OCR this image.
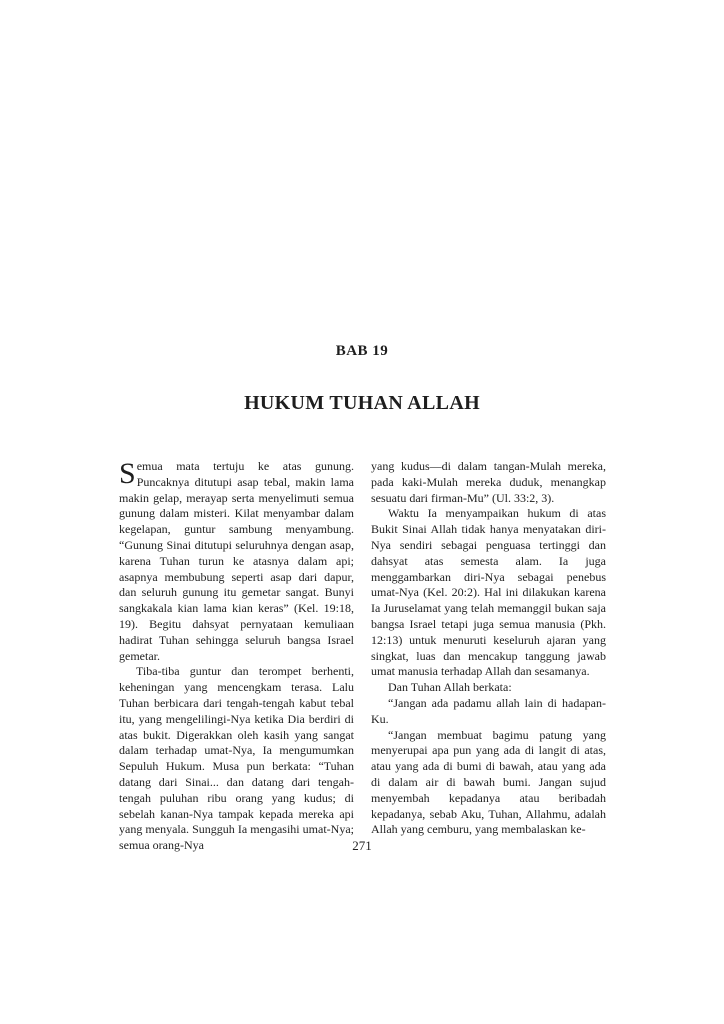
BAB 19
HUKUM TUHAN ALLAH

Semua mata tertuju ke atas gunung. Puncaknya ditutupi asap tebal, makin lama makin gelap, merayap serta menyelimuti semua gunung dalam misteri. Kilat menyambar dalam kegelapan, guntur sambung menyambung. “Gunung Sinai ditutupi seluruhnya dengan asap, karena Tuhan turun ke atasnya dalam api; asapnya membubung seperti asap dari dapur, dan seluruh gunung itu gemetar sangat. Bunyi sangkakala kian lama kian keras” (Kel. 19:18, 19). Begitu dahsyat pernyataan kemuliaan hadirat Tuhan sehingga seluruh bangsa Israel gemetar.

Tiba-tiba guntur dan terompet berhenti, keheningan yang mencengkam terasa. Lalu Tuhan berbicara dari tengah-tengah kabut tebal itu, yang mengelilingi-Nya ketika Dia berdiri di atas bukit. Digerakkan oleh kasih yang sangat dalam terhadap umat-Nya, Ia mengumumkan Sepuluh Hukum. Musa pun berkata: “Tuhan datang dari Sinai... dan datang dari tengah-tengah puluhan ribu orang yang kudus; di sebelah kanan-Nya tampak kepada mereka api yang menyala. Sungguh Ia mengasihi umat-Nya; semua orang-Nya

yang kudus—di dalam tangan-Mulah mereka, pada kaki-Mulah mereka duduk, menangkap sesuatu dari firman-Mu” (Ul. 33:2, 3).

Waktu Ia menyampaikan hukum di atas Bukit Sinai Allah tidak hanya menyatakan diri-Nya sendiri sebagai penguasa tertinggi dan dahsyat atas semesta alam. Ia juga menggambarkan diri-Nya sebagai penebus umat-Nya (Kel. 20:2). Hal ini dilakukan karena Ia Juruselamat yang telah memanggil bukan saja bangsa Israel tetapi juga semua manusia (Pkh. 12:13) untuk menuruti keseluruh ajaran yang singkat, luas dan mencakup tanggung jawab umat manusia terhadap Allah dan sesamanya.

Dan Tuhan Allah berkata:

“Jangan ada padamu allah lain di hadapan-Ku.

“Jangan membuat bagimu patung yang menyerupai apa pun yang ada di langit di atas, atau yang ada di bumi di bawah, atau yang ada di dalam air di bawah bumi. Jangan sujud menyembah kepadanya atau beribadah kepadanya, sebab Aku, Tuhan, Allahmu, adalah Allah yang cemburu, yang membalaskan ke-

271
